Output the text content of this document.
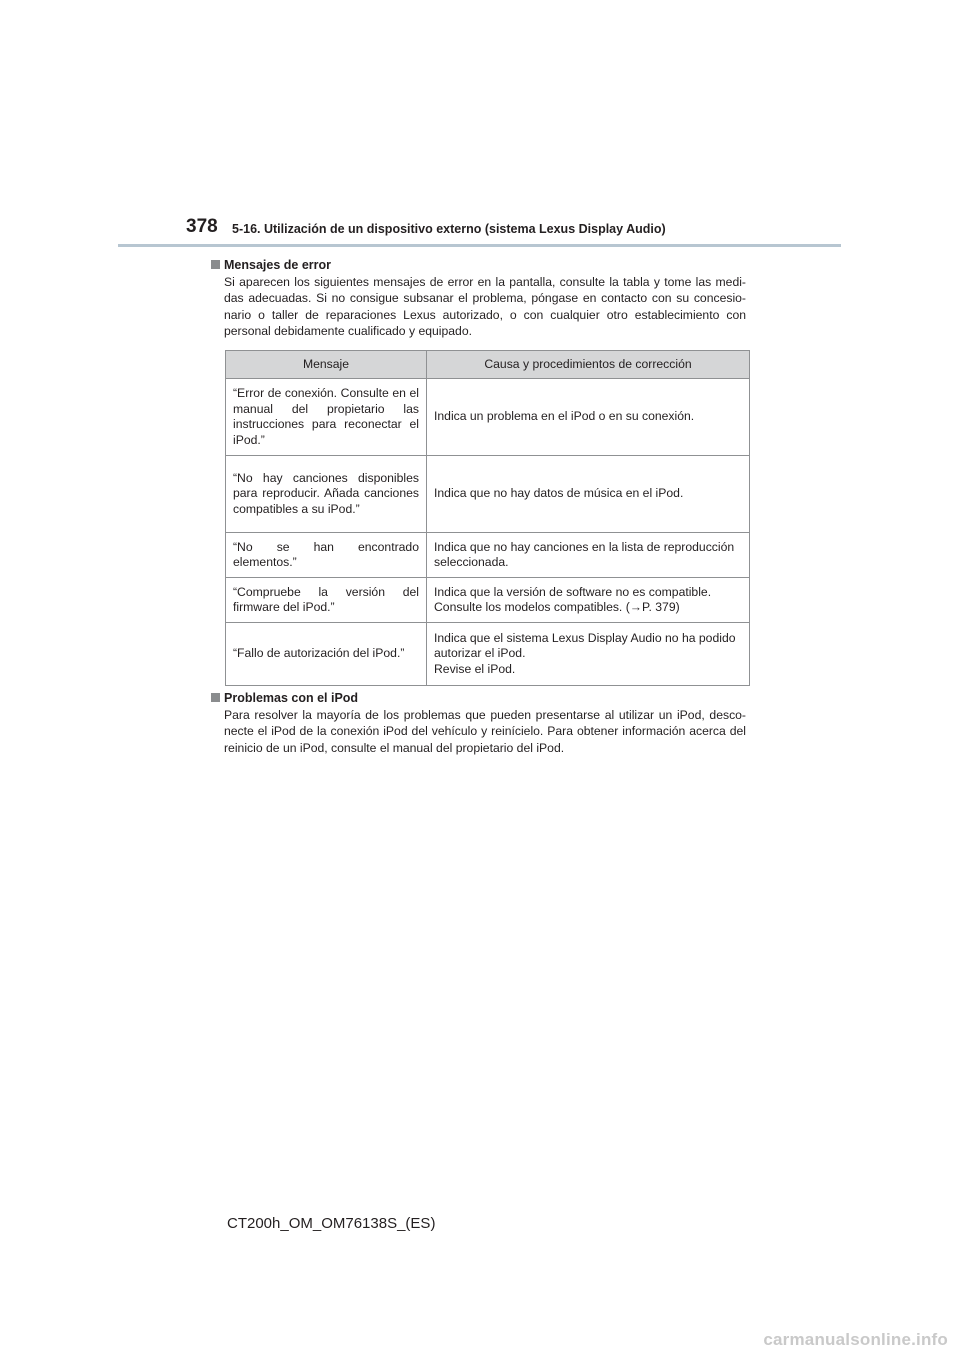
378 5-16. Utilización de un dispositivo externo (sistema Lexus Display Audio)

Mensajes de error

Si aparecen los siguientes mensajes de error en la pantalla, consulte la tabla y tome las medi-das adecuadas. Si no consigue subsanar el problema, póngase en contacto con su concesio-nario o taller de reparaciones Lexus autorizado, o con cualquier otro establecimiento con personal debidamente cualificado y equipado.

Mensaje	Causa y procedimientos de corrección
“Error de conexión. Consulte en el manual del propietario las instrucciones para reconectar el iPod.”	Indica un problema en el iPod o en su conexión.
“No hay canciones disponibles para reproducir. Añada canciones compatibles a su iPod.”	Indica que no hay datos de música en el iPod.
“No se han encontrado elementos.”	Indica que no hay canciones en la lista de reproducción seleccionada.
“Compruebe la versión del firmware del iPod.”	Indica que la versión de software no es compatible.
Consulte los modelos compatibles. (→P. 379)

“Fallo de autorización del iPod.”	Indica que el sistema Lexus Display Audio no ha podido autorizar el iPod.
Revise el iPod.

Problemas con el iPod

Para resolver la mayoría de los problemas que pueden presentarse al utilizar un iPod, desco-necte el iPod de la conexión iPod del vehículo y reinícielo. Para obtener información acerca del reinicio de un iPod, consulte el manual del propietario del iPod.

CT200h_OM_OM76138S_(ES)
carmanualsonline.info
